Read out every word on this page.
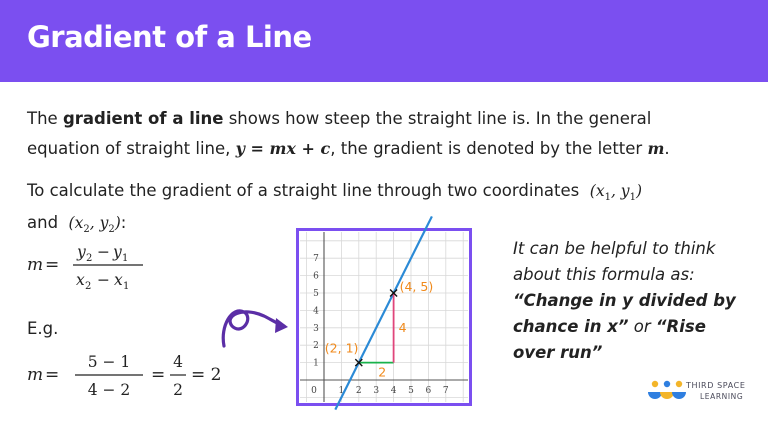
Gradient of a Line
The gradient of a line shows how steep the straight line is. In the general
equation of straight line, y = mx + c, the gradient is denoted by the letter m.
To calculate the gradient of a straight line through two coordinates ($x_1$, $y_1$)
and ($x_2$, $y_2$):
m =
y 2 − y 1
x 2 − x 1
E.g.
m =
5 − 1
4 − 2
=
4
2
= 2
0 1 2 3 4 5 6 7
1
2
3
4
5
6
7
(2, 1)
(4, 5)
2
4
It can be helpful to think about this formula as: “Change in y divided by chance in x” or “Rise over run”
THIRD SPACE
LEARNING
